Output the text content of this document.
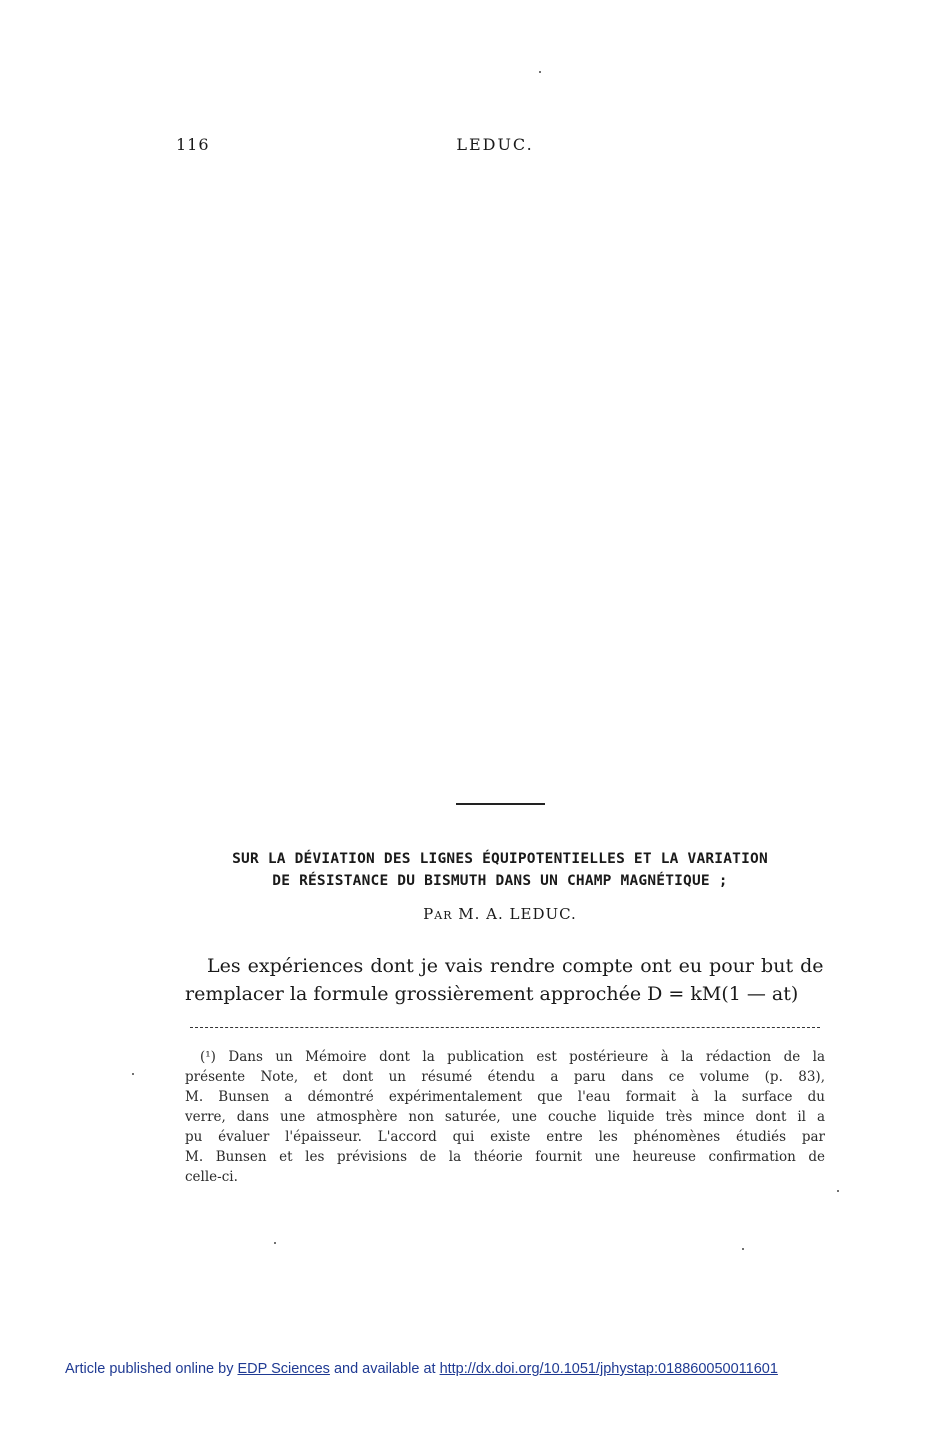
116	LEDUC.
SUR LA DÉVIATION DES LIGNES ÉQUIPOTENTIELLES ET LA VARIATION
DE RÉSISTANCE DU BISMUTH DANS UN CHAMP MAGNÉTIQUE ;
PAR M. A. LEDUC.
Les expériences dont je vais rendre compte ont eu pour but de
remplacer la formule grossièrement approchée D = kM(1 — at)
(¹) Dans un Mémoire dont la publication est postérieure à la rédaction de la
présente Note, et dont un résumé étendu a paru dans ce volume (p. 83),
M. Bunsen a démontré expérimentalement que l'eau formait à la surface du
verre, dans une atmosphère non saturée, une couche liquide très mince dont il a
pu évaluer l'épaisseur. L'accord qui existe entre les phénomènes étudiés par
M. Bunsen et les prévisions de la théorie fournit une heureuse confirmation de
celle-ci.
Article published online by EDP Sciences and available at http://dx.doi.org/10.1051/jphystap:018860050011601
